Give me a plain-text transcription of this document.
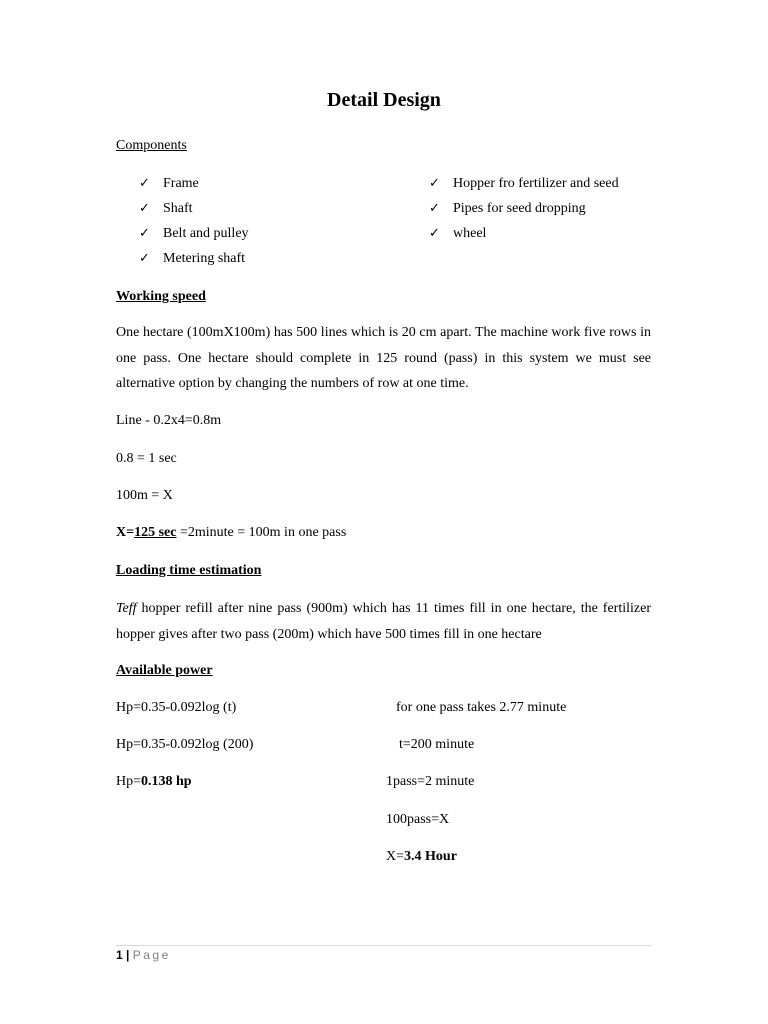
Detail Design
Components
✓ Frame
✓ Shaft
✓ Belt and pulley
✓ Metering shaft
✓ Hopper fro fertilizer and seed
✓ Pipes for seed dropping
✓ wheel
Working speed
One hectare (100mX100m) has 500 lines which is 20 cm apart. The machine work five rows in one pass. One hectare should complete in 125 round (pass) in this system we must see alternative option by changing the numbers of row at one time.
Line - 0.2x4=0.8m
0.8 = 1 sec
100m = X
X=125 sec =2minute = 100m in one pass
Loading time estimation
Teff hopper refill after nine pass (900m) which has 11 times fill in one hectare, the fertilizer hopper gives after two pass (200m) which have 500 times fill in one hectare
Available power
Hp=0.35-0.092log (t)	for one pass takes 2.77 minute
Hp=0.35-0.092log (200)	t=200 minute
Hp=0.138 hp	1pass=2 minute
100pass=X
X=3.4 Hour
1 | Page
